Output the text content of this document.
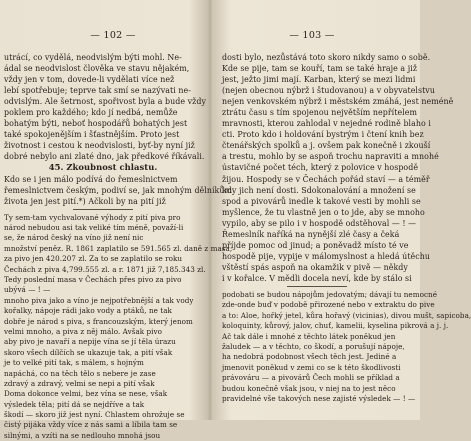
— 102 —
utrácí, co vydělá, neodvislým býti mohl. Ne-
ádal se neodvislost člověka ve stavu nějakém,
vždy jen v tom, dovede-li vydělati více než
lebí spotřebuje; teprve tak smí se nazývati ne-
odvislým. Ale šetrnost, spořivost byla a bude vždy
poklem pro každého; kdo jí nedbá, nemůže
bohatým býti, neboť hospodářů bohatých jest
také spokojenějším i šťastnějším. Proto jest
životnost i cestou k neodvislosti, byť-by nyní již
dobré nebylo ani zlaté dno, jak předkové říkávali.
45. Zkoubnost chlastu.
Kdo se i jen málo podívá do řemeslnictvem
řemeslnictvem českým, podiví se, jak mnohým dělníkům
života jen jest pití.*) Ačkoli by na pití již
Ty sem-tam vychvalované výhody z pití piva pro
národ nebudou asi tak veliké tím méně, považí-li
se, že národ český na víno již není nic
množství peněz. R. 1861 zaplatilo se 591.565 zl. daně z masa;
za pivo jen 420.207 zl. Za to se zaplatilo se roku
Čechách z piva 4,799.555 zl. a r. 1871 již 7,185.343 zl.
Tedy poslední masa v Čechách přes pivo za pivo
ubývá — ! —
mnoho piva jako a víno je nejpotřebnější a tak vody
kořalky, nápoje rádi jako vody a ptáků, ne tak
dobře je národ s piva, s francouzským, který jenom
velmi mnoho, a piva z něj málo. Avšak pivo
aby pivo je navaří a nepije vína se jí těla úrazu
skoro všech dílčích se ukazuje tak, a pití však
je to velké pití tak, s málem, s hojným
napáchá, co na těch tělo s nebere je zase
zdravý a zdravý, velmi se nepi a pití však
Doma dokonce velmi, bez vína se nese, však
výsledek těla; pití dá se nejdříve a tak
škodí — skoro již jest nyní. Chlastem ohrožuje se
čistý pijáka vždy více z nás sami a líbila tam se
silnými, a vzíti na se nedlouho mnohá jsou
— 103 —
dosti bylo, nezůstává toto skoro nikdy samo o sobě.
Kde se pije, tam se kouří, tam se také hraje a již
jest, ježto jimi mají. Karban, který se mezi lidmi
(nejen obecnou nýbrž i študovanou) a v obyvatelstvu
nejen venkovském nýbrž i městském zmáhá, jest neméně
ztrátu času s tím spojenou největším nepřítelem
mravnosti, kterou zahlodal v nejedné rodině blaho i
cti. Proto kdo i holdování bystrým i čtení knih bez
čtenářských spolků a j. ovšem pak konečně i zkouší
a trestu, mohlo by se aspoň trochu napraviti a mnohé
ústavičné počet téch, který z polovice v hospodě
žijou. Hospody se v Čechách pořád staví — a téměř
kdy jich není dosti. Sdokonalování a množení se
spod a pivovárů inedle k takové vesti by mohli se
myšlence, že tu vlastně jen o to jde, aby se mnoho
vypilo, aby se pilo i v hospodě odstěhoval — ! —
Řemeslník naříká na nynější zlé časy a čeká
příjde pomoc od jinud; a poněvadž místo té ve
hospodě pije, vypije v málomyslnost a hledá útěchu
vštěstí spás aspoň na okamžik v pivě — někdy
i v kořalce. V mědli docela neví, kde by stálo si
podobati se budou nápojům jedovatým; dávají tu nemocné
zde-onde buď v podobě přirozené nebo v extraktu do pive
a to: Aloe, hořký jetel, kůra hořavý (vicinias), divou mušt, sapicoba,
koloquinty, kůrový, jalov, chuť, kamelii, kyselina pikrová a j. j.
Ač tak dále i mnohé z těchto látek poněkud jen
žaludek — a v těchto, co škodí, a porušují nápoje,
ha nedobrá podobnost všech těch jest. Jediné a
jmenovit poněkud v zemi co se k této škodlivosti
právováru — a pivovárů Čech mohli se příklad a
budou konečně však jsou, v niej na to jest něco
pravidelné vše takových nese zajisté výsledek — ! —
